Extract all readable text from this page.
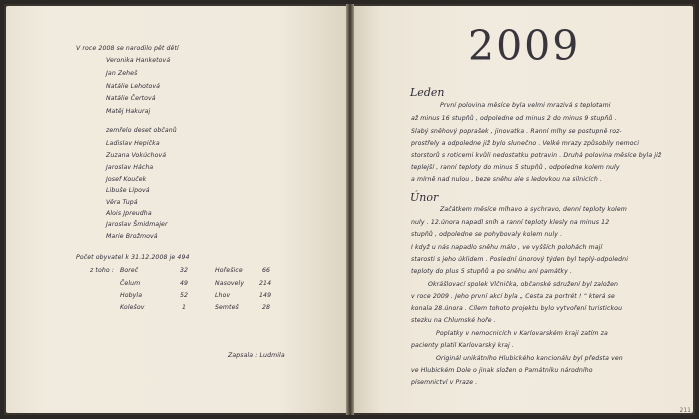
V roce 2008 se narodilo pět dětí
Veronika Hanketová
Jan Zeheš
Natálie Lehotová
Natálie Čertová
Matěj Hakuraj
zemřelo deset občanů
Ladislav Hepička
Zuzana Vokúchová
Jaroslav Hácha
Josef Kouček
Libuše Lípová
Věra Tupá
Alois Jpreudha
Jaroslav Šmidmajer
Marie Brožmová
Počet obyvatel k 31.12.2008 je 494
z toho : Boreč	32	Hořešice	66
Čelum	49	Nasovely 214
Hobyla	52	Lhov	149
Kolešov	1	Semteš	28
Zapsala : Ludmila
2009
Leden
První polovina měsíce byla velmi mrazivá s teplotami
až minus 16 stupňů , odpoledne od minus 2 do minus 9 stupňů .
Slabý sněhový poprašek , jinovatka . Ranní mlhy se postupně roz-
prostřely a odpoledne již bylo slunečno . Velké mrazy způsobily nemoci
storstorů s roticemi kvůli nedostatku potravin . Druhá polovina měsíce byla již
teplejší , ranní teploty do minus 5 stupňů , odpoledne kolem nuly
a mírně nad nulou , beze sněhu ale s ledovkou na silnicích .
Únor
Začátkem měsíce mlhavo a sychravo, denní teploty kolem
nuly . 12.února napadl sníh a ranní teploty klesly na minus 12
stupňů , odpoledne se pohybovaly kolem nuly .
I když u nás napadlo sněhu málo , ve vyšších polohách mají
starosti s jeho úklidem . Poslední únorový týden byl teplý-odpoledni
teploty do plus 5 stupňů a po sněhu ani památky .
Okrášlovací spolek Vlčnička, občanské sdružení byl založen
v roce 2009 . Jeho první akcí byla „ Cesta za portrét ! “ která se
konala 28.února . Cílem tohoto projektu bylo vytvoření turistickou
stezku na Chlumské hoře .
Poplatky v nemocnicích v Karlovarském kraji zatím za
pacienty platil Karlovarský kraj .
Originál unikátního Hlubického kancionálu byl předsta ven
ve Hlubickém Dole o jinak složen o Památníku národního
písemnictví v Praze .
211
